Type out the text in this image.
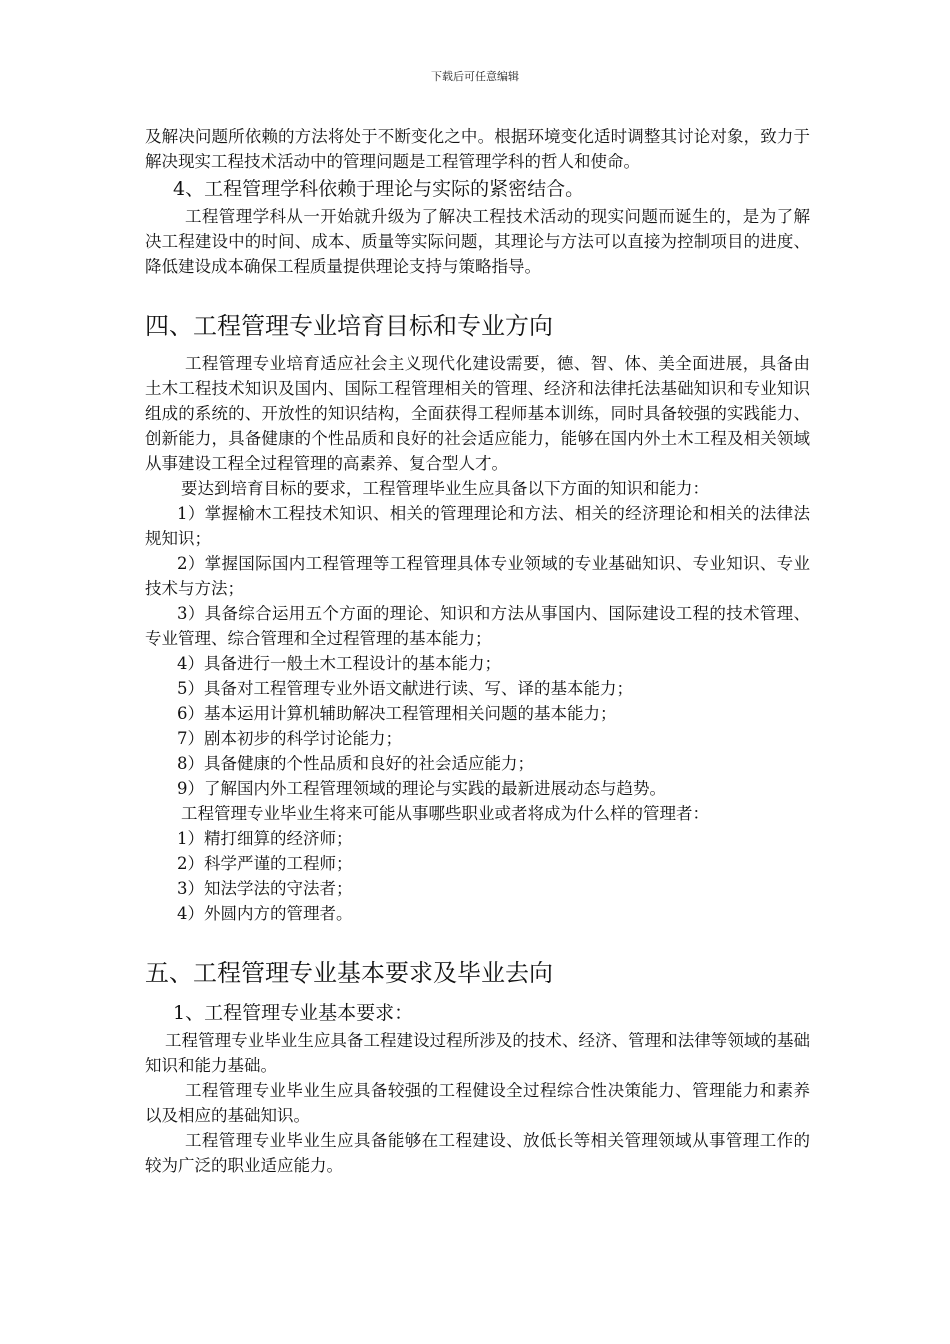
下载后可任意编辑

及解决问题所依赖的方法将处于不断变化之中。根据环境变化适时调整其讨论对象，致力于解决现实工程技术活动中的管理问题是工程管理学科的哲人和使命。

4、工程管理学科依赖于理论与实际的紧密结合。

工程管理学科从一开始就升级为了解决工程技术活动的现实问题而诞生的，是为了解决工程建设中的时间、成本、质量等实际问题，其理论与方法可以直接为控制项目的进度、降低建设成本确保工程质量提供理论支持与策略指导。

四、工程管理专业培育目标和专业方向

工程管理专业培育适应社会主义现代化建设需要，德、智、体、美全面进展，具备由土木工程技术知识及国内、国际工程管理相关的管理、经济和法律托法基础知识和专业知识组成的系统的、开放性的知识结构，全面获得工程师基本训练，同时具备较强的实践能力、创新能力，具备健康的个性品质和良好的社会适应能力，能够在国内外土木工程及相关领域从事建设工程全过程管理的高素养、复合型人才。

要达到培育目标的要求，工程管理毕业生应具备以下方面的知识和能力：

1）掌握榆木工程技术知识、相关的管理理论和方法、相关的经济理论和相关的法律法规知识；

2）掌握国际国内工程管理等工程管理具体专业领域的专业基础知识、专业知识、专业技术与方法；

3）具备综合运用五个方面的理论、知识和方法从事国内、国际建设工程的技术管理、专业管理、综合管理和全过程管理的基本能力；

4）具备进行一般土木工程设计的基本能力；

5）具备对工程管理专业外语文献进行读、写、译的基本能力；

6）基本运用计算机辅助解决工程管理相关问题的基本能力；

7）剧本初步的科学讨论能力；

8）具备健康的个性品质和良好的社会适应能力；

9）了解国内外工程管理领域的理论与实践的最新进展动态与趋势。

工程管理专业毕业生将来可能从事哪些职业或者将成为什么样的管理者：

1）精打细算的经济师；

2）科学严谨的工程师；

3）知法学法的守法者；

4）外圆内方的管理者。

五、工程管理专业基本要求及毕业去向

1、工程管理专业基本要求：

工程管理专业毕业生应具备工程建设过程所涉及的技术、经济、管理和法律等领域的基础知识和能力基础。

工程管理专业毕业生应具备较强的工程健设全过程综合性决策能力、管理能力和素养以及相应的基础知识。

工程管理专业毕业生应具备能够在工程建设、放低长等相关管理领域从事管理工作的较为广泛的职业适应能力。
